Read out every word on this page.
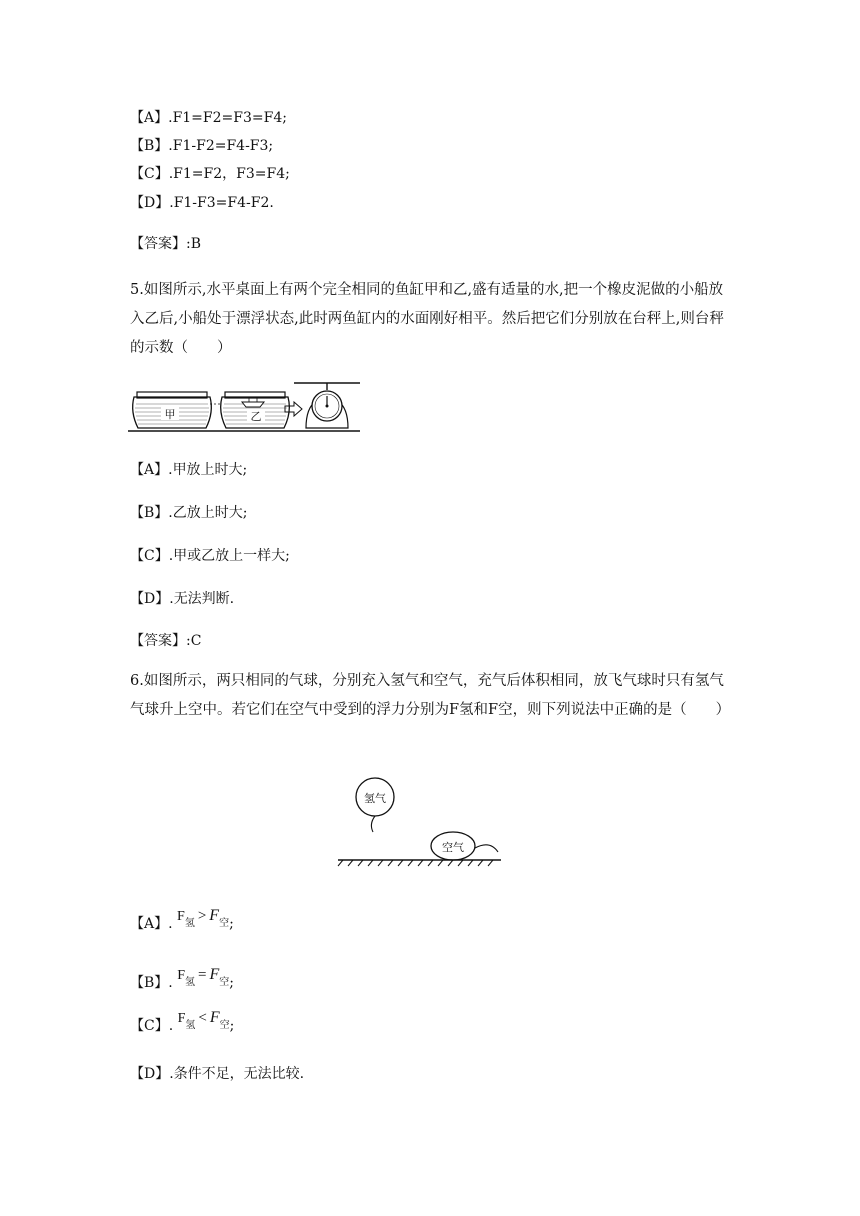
【A】.F1=F2=F3=F4;
【B】.F1-F2=F4-F3;
【C】.F1=F2，F3=F4;
【D】.F1-F3=F4-F2.
【答案】:B
5.如图所示,水平桌面上有两个完全相同的鱼缸甲和乙,盛有适量的水,把一个橡皮泥做的小船放入乙后,小船处于漂浮状态,此时两鱼缸内的水面刚好相平。然后把它们分别放在台秤上,则台秤的示数（　　）
甲	乙
【A】.甲放上时大;
【B】.乙放上时大;
【C】.甲或乙放上一样大;
【D】.无法判断.
【答案】:C
6.如图所示，两只相同的气球，分别充入氢气和空气，充气后体积相同，放飞气球时只有氢气气球升上空中。若它们在空气中受到的浮力分别为F氢和F空，则下列说法中正确的是（　　）
氢气
空气
【A】. F氢 > F空;
【B】. F氢 = F空;
【C】. F氢 < F空;
【D】.条件不足，无法比较.
